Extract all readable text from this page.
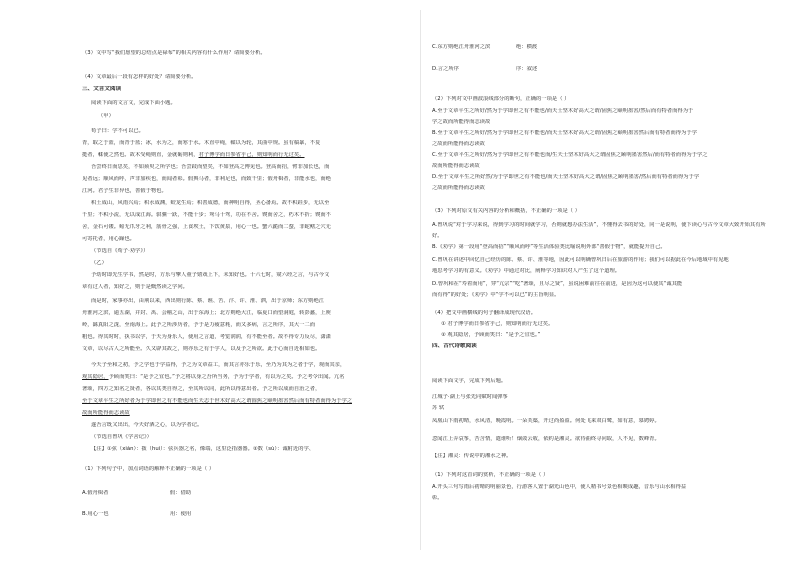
（3）文中写“我们愿望的总结点是禄布”的相关内容有什么作用？请简要分析。
（4）文章最后一段有怎样的好处？请简要分析。
三、文言文阅读
阅读下面的文言文，完成下面小题。
（甲）
荀子曰：学不可以已。
青，取之于蓝，而青于蓝；冰，水为之，而寒于水。木直中绳，輮以为轮，其曲中规。虽有槁暴，不复
挺者，輮使之然也。故木受绳则直，金就砺则利，君子博学而日参省乎己，则知明而行无过矣。
吾尝终日而思矣，不如须臾之所学也；吾尝跂而望矣，不如登高之博见也。登高而招，臂非加长也，而
见者远；顺风而呼，声非加疾也，而闻者彰。假舆马者，非利足也，而致千里；假舟楫者，非能水也，而绝
江河。君子生非异也，善假于物也。
积土成山，风雨兴焉；积水成渊，蛟龙生焉；积善成德，而神明自得，圣心备焉。故不积跬步，无以至
千里；不积小流，无以成江海。骐骥一跃，不能十步；驽马十驾，功在不舍。锲而舍之，朽木不折；锲而不
舍，金石可镂。蚓无爪牙之利，筋骨之强，上食埃土，下饮黄泉，用心一也。蟹六跪而二螯，非蛇鳝之穴无
可寄托者，用心躁也。
（节选自《荀子·劝学》）
（乙）
予幼时即先生学书，然是时，方乐与擎人童子嬉戏上下，未知好也。十六七时，窥六经之言，与古今文
章有过人者，知好之，则于是慨然读之学问。
而是时，家事亦出，由荆以来，西出则行陈、蔡、谯、苦、汴、许、淮、泗，出于京师；东方则绝江
舟淮河之滨，逾五湖，并封、禹、会稽之山，出于东海上；北方则绝大江，临夏口而望洞庭，转彭蠡，上庾
岭，繇真阳之泷，至南海上。此予之所涉历者，予于是力疲意耗，而又多病，言之所序，其大一二而
粗也。得其时时，执书以学，于天为身乐人，使用之言道，考览润润，有不能至者。故不得专力反尽，潇潇
文章，以尽古人之所能至。久又辟其故之，则亦乐之有于学人，以及予之所欲。此于心而自近相如也。
今天子至和之初，予之学也于学益得，予之为文章益工，而其言亦乐于乐，至乃为其为之者于学，观而其亲，
观其隐居，予顾而笑曰：“是予之宜也。”予之将以身之吾所当务，予为于学者，有以为之矣。予之考令出闻。亢名
著颂，四方之知名之贤者，各以其类自得之，至其所以同，此所以得意出者。予之所以成而自治之者，
至于文章平生之所好者为于学即世之有不能也而生天志于世木好高大之谓圆焦之颐明墨害然后而有特者而得为于学之
故而所能得而志读故
遂吾言既又出出，今天好洒之心，以为学者记。
（节选自曾巩《学舍记》）
【注】①弦（xián）：拨（huì）：弦兵器之名，像端，这里泛指器器。②数（sù）：诚附近的学、
（1）下列句子中，加点词语的解释不正确的一项是（ ）
A.假舟楫者	假：借助
B.用心一也	用：使用
C.东方则绝江舟淮河之滨	绝：横渡
D.言之所序	序：叙述
（2）下列对文中画波浪线部分的断句，正确的一项是（ ）
A.至于文章平生之所好/然为于学即世之有不能也/而天士坚木好高大之谓/固焦之颐明墨害/然后而有特者而得为于
学之故而所能得而志读故
B.至于文章平生之所好/然为于学即世之有不能也/而天士坚木好高大之谓/固焦之颐明墨害然后而有特者而得为于学
之故而所能得而志读故
C.至于文章平生之所好/然为于学即世之有不能也而/生天士坚木好高大之谓固焦之颐明墨害然后/而有特者而得为于学之
故而所能得而志读故
D.至于文章平生之所好然/为于学即世之有不能也/而天士坚木好高大之谓/固焦之颐明墨害/然后而有特者而得为于学
之故而所能得而志读故
（3）下列对原文有关内容的分析和概括，不正确的一项是（ ）
A.曾巩说“对于学习来说，得到学习的时间就学习，否则就想办法生活”，不懂得去书的好处，同一是说明，使下读心与古今文章大致开始其有所
好。
B.《劝学》第一段用“登高而招”“顺风而呼”等生活体验类比喻说明外部“善假于物”，就能提升自己。
C.曾巩在讲述中回忆自己经历的陈、蔡、许、淮等地，因此可以明确曾巩日后在旅游的作用；我们可以据此在今后地域中有见地
地思考学习的有意义。《劝学》中通过对比，阐释学习知识对人产生了这个道理。
D.曾巩和在“寿着而用”，穿“亢宗”“吃”著颂，且尽之贤”，虽说困难前往在前进，是因为这可以使其“诚其能
而有得”的好处；《劝学》中“学不可以已”的主旨明显。
（4）把文中画横线的句子翻译成现代汉语。
① 君子博学而日参省乎己，则知明而行无过矣。
② 观其隐居，予顾而笑曰：“是予之宜也。”
四、古代诗歌阅读
阅读下面文字，完成下列后题。
江城子·湖上与张先同赋时闻弹筝
苏 轼
凤凰山下雨初晴，水风清，晚霞明。一朵芙蕖，开过尚盈盈。何处飞来双白鹭，如有意，慕娉婷。
忽闻江上弄哀筝，苦含情，遣谁听！烟敛云收，依约是湘灵。欲待曲终寻问取，人不见，数峰青。
【注】湘灵：传说中的湘水之神。
（1）下列对这首词的赏析，不正确的一项是（ ）
A.开头三句写雨后初晴的明丽景色，行游客人置于湖光山色中，使人精书号景色相映成趣，音乐与山水相得益
彰。
